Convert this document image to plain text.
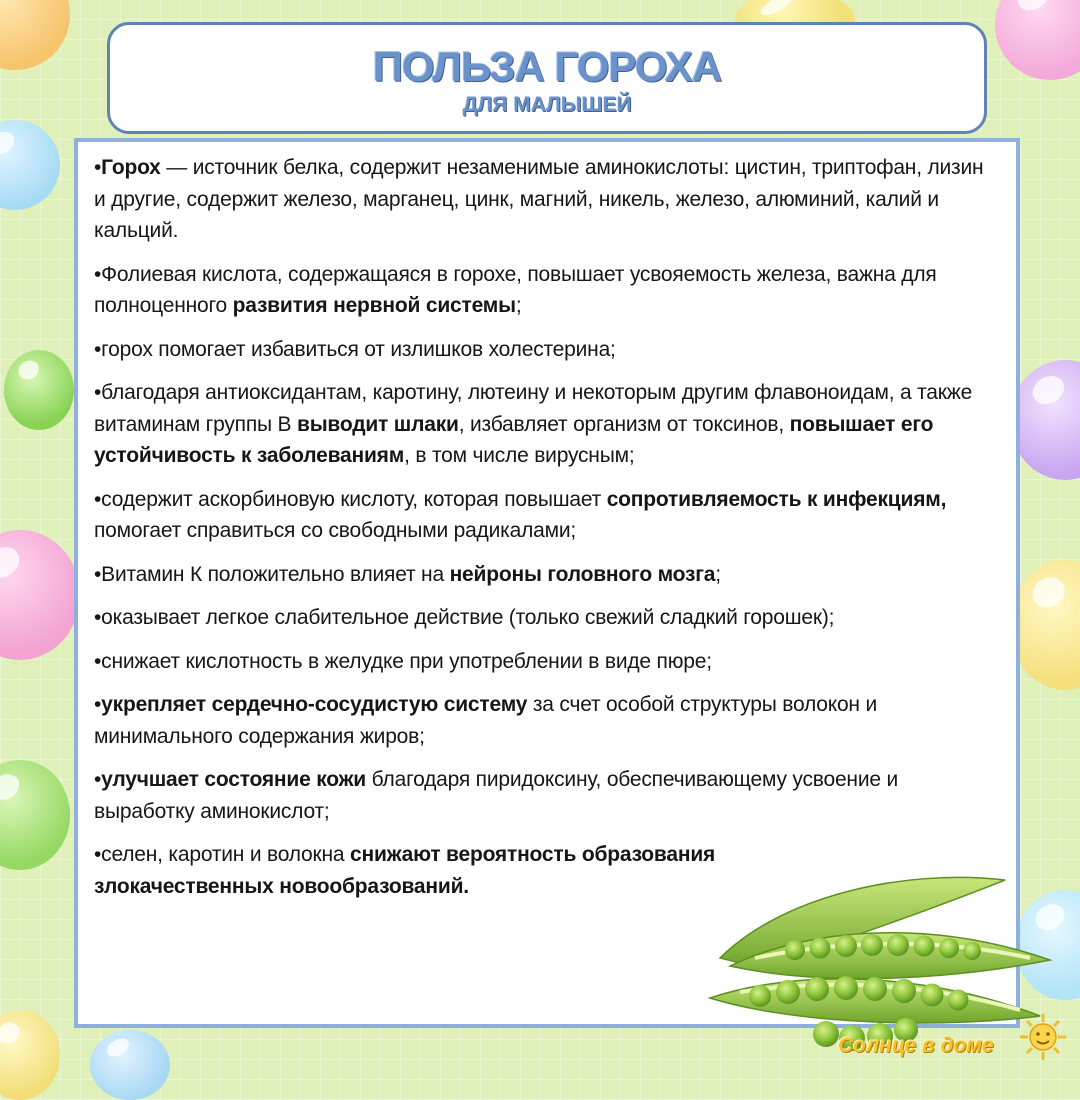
ПОЛЬЗА ГОРОХА
ДЛЯ МАЛЫШЕЙ
•Горох — источник белка, содержит незаменимые аминокислоты: цистин, триптофан, лизин и другие, содержит железо, марганец, цинк, магний, никель, железо, алюминий, калий и кальций.
•Фолиевая кислота, содержащаяся в горохе, повышает усвояемость железа, важна для полноценного развития нервной системы;
•горох помогает избавиться от излишков холестерина;
•благодаря антиоксидантам, каротину, лютеину и некоторым другим флавоноидам, а также витаминам группы В выводит шлаки, избавляет организм от токсинов, повышает его устойчивость к заболеваниям, в том числе вирусным;
•содержит аскорбиновую кислоту, которая повышает сопротивляемость к инфекциям, помогает справиться со свободными радикалами;
•Витамин К положительно влияет на нейроны головного мозга;
•оказывает легкое слабительное действие (только свежий сладкий горошек);
•снижает кислотность в желудке при употреблении в виде пюре;
•укрепляет сердечно-сосудистую систему за счет особой структуры волокон и минимального содержания жиров;
•улучшает состояние кожи благодаря пиридоксину, обеспечивающему усвоение и выработку аминокислот;
•селен, каротин и волокна снижают вероятность образования злокачественных новообразований.
Солнце в доме
